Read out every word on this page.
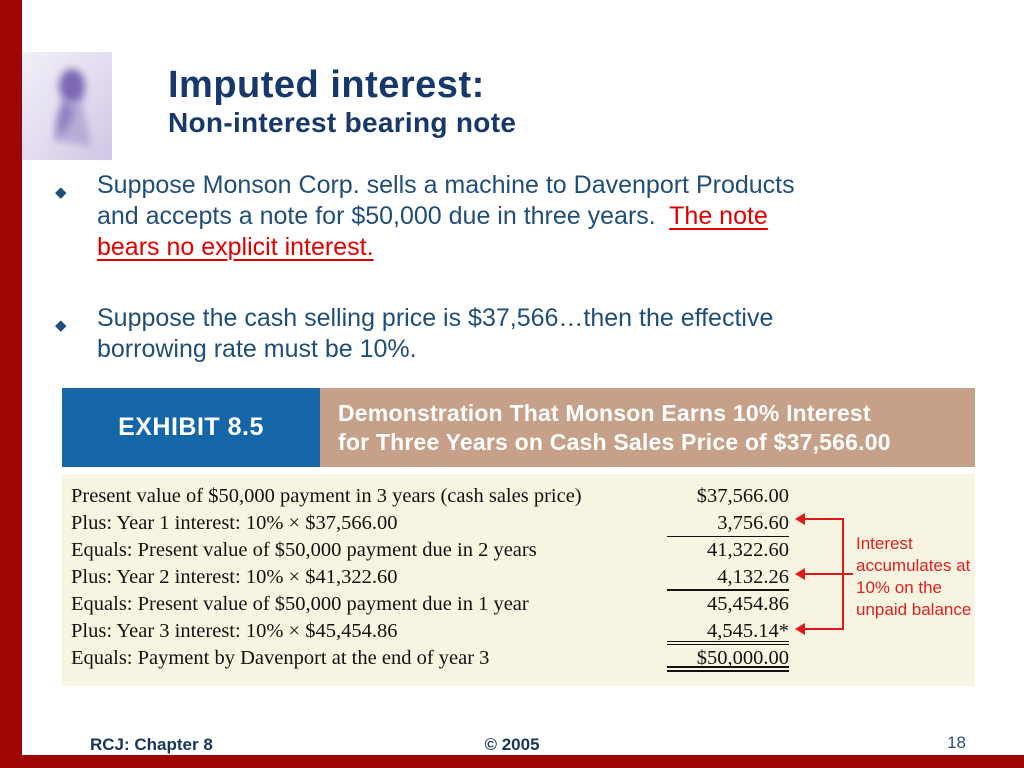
Imputed interest:
Non-interest bearing note
◆ Suppose Monson Corp. sells a machine to Davenport Products
and accepts a note for $50,000 due in three years.  The note
bears no explicit interest.
◆ Suppose the cash selling price is $37,566…then the effective
borrowing rate must be 10%.
EXHIBIT 8.5
Demonstration That Monson Earns 10% Interest
for Three Years on Cash Sales Price of $37,566.00
Present value of $50,000 payment in 3 years (cash sales price)	$37,566.00
Plus: Year 1 interest: 10% × $37,566.00	3,756.60
Equals: Present value of $50,000 payment due in 2 years	41,322.60
Plus: Year 2 interest: 10% × $41,322.60	4,132.26
Equals: Present value of $50,000 payment due in 1 year	45,454.86
Plus: Year 3 interest: 10% × $45,454.86	4,545.14*
Equals: Payment by Davenport at the end of year 3	$50,000.00
Interest accumulates at 10% on the unpaid balance
RCJ: Chapter 8	© 2005	18
